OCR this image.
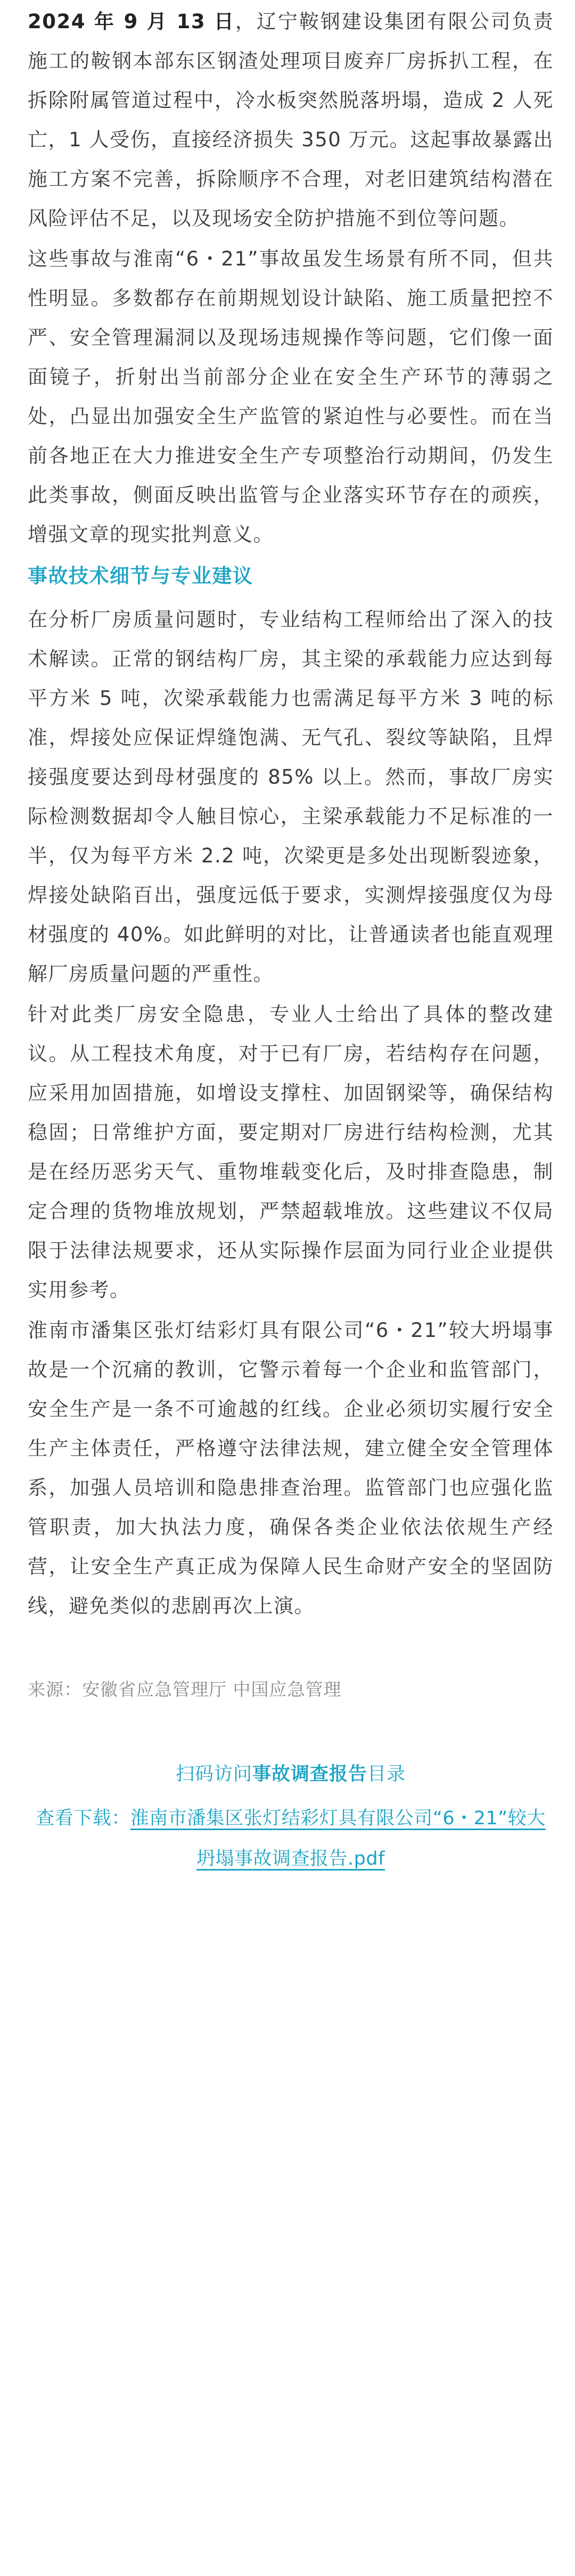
2024 年 9 月 13 日，辽宁鞍钢建设集团有限公司负责施工的鞍钢本部东区钢渣处理项目废弃厂房拆扒工程，在拆除附属管道过程中，冷水板突然脱落坍塌，造成 2 人死亡，1 人受伤，直接经济损失 350 万元。这起事故暴露出施工方案不完善，拆除顺序不合理，对老旧建筑结构潜在风险评估不足，以及现场安全防护措施不到位等问题。

这些事故与淮南“6・21”事故虽发生场景有所不同，但共性明显。多数都存在前期规划设计缺陷、施工质量把控不严、安全管理漏洞以及现场违规操作等问题，它们像一面面镜子，折射出当前部分企业在安全生产环节的薄弱之处，凸显出加强安全生产监管的紧迫性与必要性。而在当前各地正在大力推进安全生产专项整治行动期间，仍发生此类事故，侧面反映出监管与企业落实环节存在的顽疾，增强文章的现实批判意义。

事故技术细节与专业建议

在分析厂房质量问题时，专业结构工程师给出了深入的技术解读。正常的钢结构厂房，其主梁的承载能力应达到每平方米 5 吨，次梁承载能力也需满足每平方米 3 吨的标准，焊接处应保证焊缝饱满、无气孔、裂纹等缺陷，且焊接强度要达到母材强度的 85% 以上。然而，事故厂房实际检测数据却令人触目惊心，主梁承载能力不足标准的一半，仅为每平方米 2.2 吨，次梁更是多处出现断裂迹象，焊接处缺陷百出，强度远低于要求，实测焊接强度仅为母材强度的 40%。如此鲜明的对比，让普通读者也能直观理解厂房质量问题的严重性。

针对此类厂房安全隐患，专业人士给出了具体的整改建议。从工程技术角度，对于已有厂房，若结构存在问题，应采用加固措施，如增设支撑柱、加固钢梁等，确保结构稳固；日常维护方面，要定期对厂房进行结构检测，尤其是在经历恶劣天气、重物堆载变化后，及时排查隐患，制定合理的货物堆放规划，严禁超载堆放。这些建议不仅局限于法律法规要求，还从实际操作层面为同行业企业提供实用参考。

淮南市潘集区张灯结彩灯具有限公司“6・21”较大坍塌事故是一个沉痛的教训，它警示着每一个企业和监管部门，安全生产是一条不可逾越的红线。企业必须切实履行安全生产主体责任，严格遵守法律法规，建立健全安全管理体系，加强人员培训和隐患排查治理。监管部门也应强化监管职责，加大执法力度，确保各类企业依法依规生产经营，让安全生产真正成为保障人民生命财产安全的坚固防线，避免类似的悲剧再次上演。

来源：安徽省应急管理厅 中国应急管理
扫码访问事故调查报告目录
查看下载：淮南市潘集区张灯结彩灯具有限公司“6・21”较大坍塌事故调查报告.pdf
